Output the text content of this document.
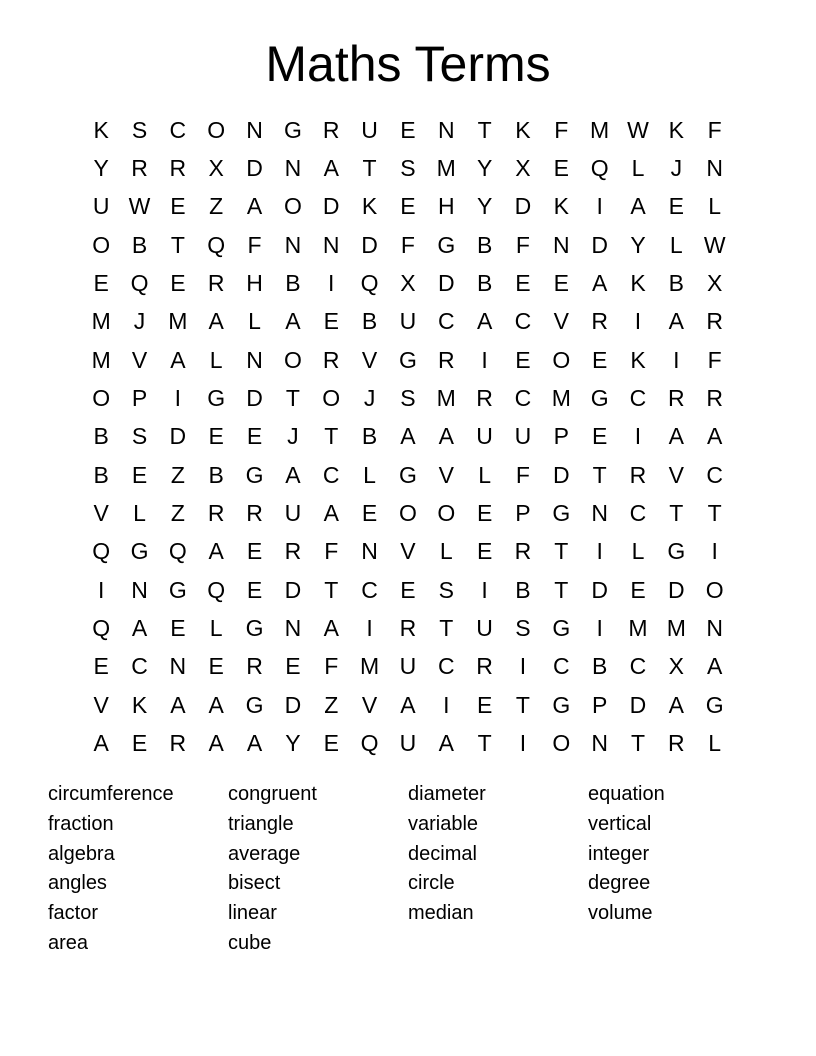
Maths Terms
K	S C O N G R U E N	T	K	F M W K	F
Y R R X D N A	T	S M Y	X	E Q	L	J	N
U W E	Z	A O D K	E H Y D K	I	A	E	L
O B	T Q F	N N D	F G B	F	N D Y	L W
E Q E R H B	I	Q X D B	E	E	A	K	B	X
M	J	M A	L	A	E	B U C A C V R	I	A R
M V	A	L	N O R V G R	I	E O E	K	I	F
O P	I	G D	T O	J	S M R C M G C R R
B	S D E	E	J	T	B	A	A U U P	E	I	A	A
B	E	Z	B G A C	L	G V	L	F	D	T	R V C
V	L	Z	R R U A	E O O E	P G N C	T	T
Q G Q A	E R	F	N V	L	E R	T	I	L	G	I
I	N G Q E D	T	C E	S	I	B	T	D E D O
Q A	E	L	G N A	I	R	T	U S G	I	M M N
E C N E R E	F M U C R	I	C B C X	A
V	K	A	A G D	Z	V	A	I	E	T G P D A G
A	E R A	A	Y	E Q U A	T	I	O N	T	R	L
circumference	congruent	diameter	equation
fraction	triangle	variable	vertical
algebra	average	decimal	integer
angles	bisect	circle	degree
factor	linear	median	volume
area	cube
